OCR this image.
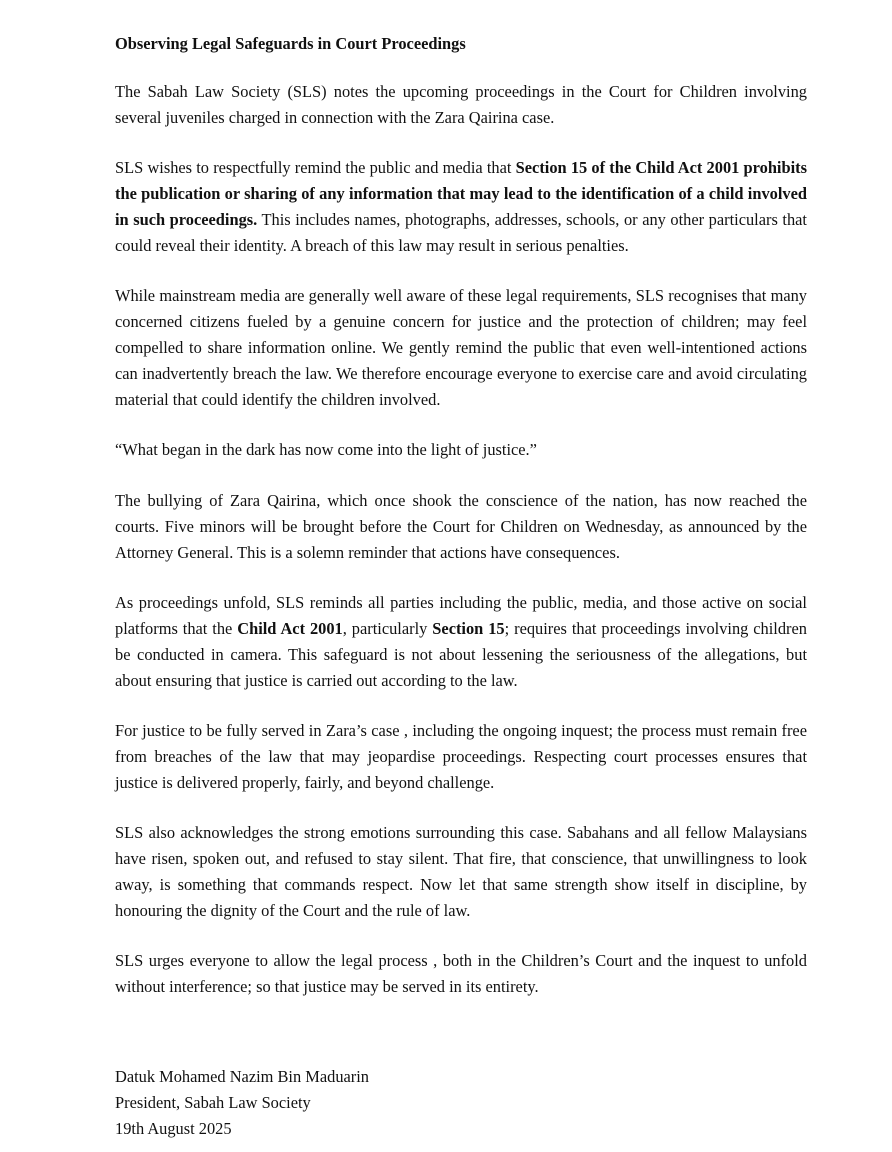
Observing Legal Safeguards in Court Proceedings

The Sabah Law Society (SLS) notes the upcoming proceedings in the Court for Children involving several juveniles charged in connection with the Zara Qairina case.

SLS wishes to respectfully remind the public and media that Section 15 of the Child Act 2001 prohibits the publication or sharing of any information that may lead to the identification of a child involved in such proceedings. This includes names, photographs, addresses, schools, or any other particulars that could reveal their identity. A breach of this law may result in serious penalties.

While mainstream media are generally well aware of these legal requirements, SLS recognises that many concerned citizens fueled by a genuine concern for justice and the protection of children; may feel compelled to share information online. We gently remind the public that even well-intentioned actions can inadvertently breach the law. We therefore encourage everyone to exercise care and avoid circulating material that could identify the children involved.

“What began in the dark has now come into the light of justice.”

The bullying of Zara Qairina, which once shook the conscience of the nation, has now reached the courts. Five minors will be brought before the Court for Children on Wednesday, as announced by the Attorney General. This is a solemn reminder that actions have consequences.

As proceedings unfold, SLS reminds all parties including the public, media, and those active on social platforms that the Child Act 2001, particularly Section 15; requires that proceedings involving children be conducted in camera. This safeguard is not about lessening the seriousness of the allegations, but about ensuring that justice is carried out according to the law.

For justice to be fully served in Zara’s case , including the ongoing inquest; the process must remain free from breaches of the law that may jeopardise proceedings. Respecting court processes ensures that justice is delivered properly, fairly, and beyond challenge.

SLS also acknowledges the strong emotions surrounding this case. Sabahans and all fellow Malaysians have risen, spoken out, and refused to stay silent. That fire, that conscience, that unwillingness to look away, is something that commands respect. Now let that same strength show itself in discipline, by honouring the dignity of the Court and the rule of law.

SLS urges everyone to allow the legal process , both in the Children’s Court and the inquest to unfold without interference; so that justice may be served in its entirety.

Datuk Mohamed Nazim Bin Maduarin
President, Sabah Law Society
19th August 2025
